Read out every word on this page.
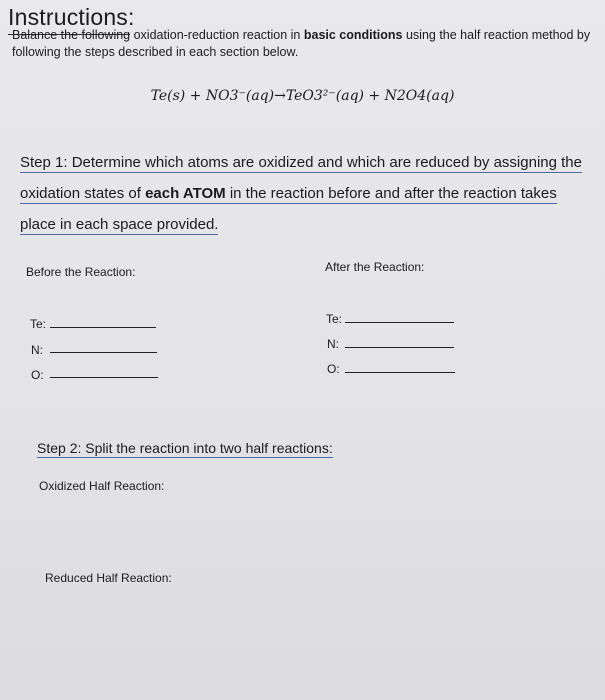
Instructions:
Balance the following oxidation-reduction reaction in basic conditions using the half reaction method by following the steps described in each section below.
Te(s) + NO3⁻(aq)→TeO3²⁻(aq) + N2O4(aq)
Step 1: Determine which atoms are oxidized and which are reduced by assigning the oxidation states of each ATOM in the reaction before and after the reaction takes place in each space provided.
Before the Reaction:
Te:
N:
O:
After the Reaction:
Te:
N:
O:
Step 2: Split the reaction into two half reactions:
Oxidized Half Reaction:
Reduced Half Reaction:
